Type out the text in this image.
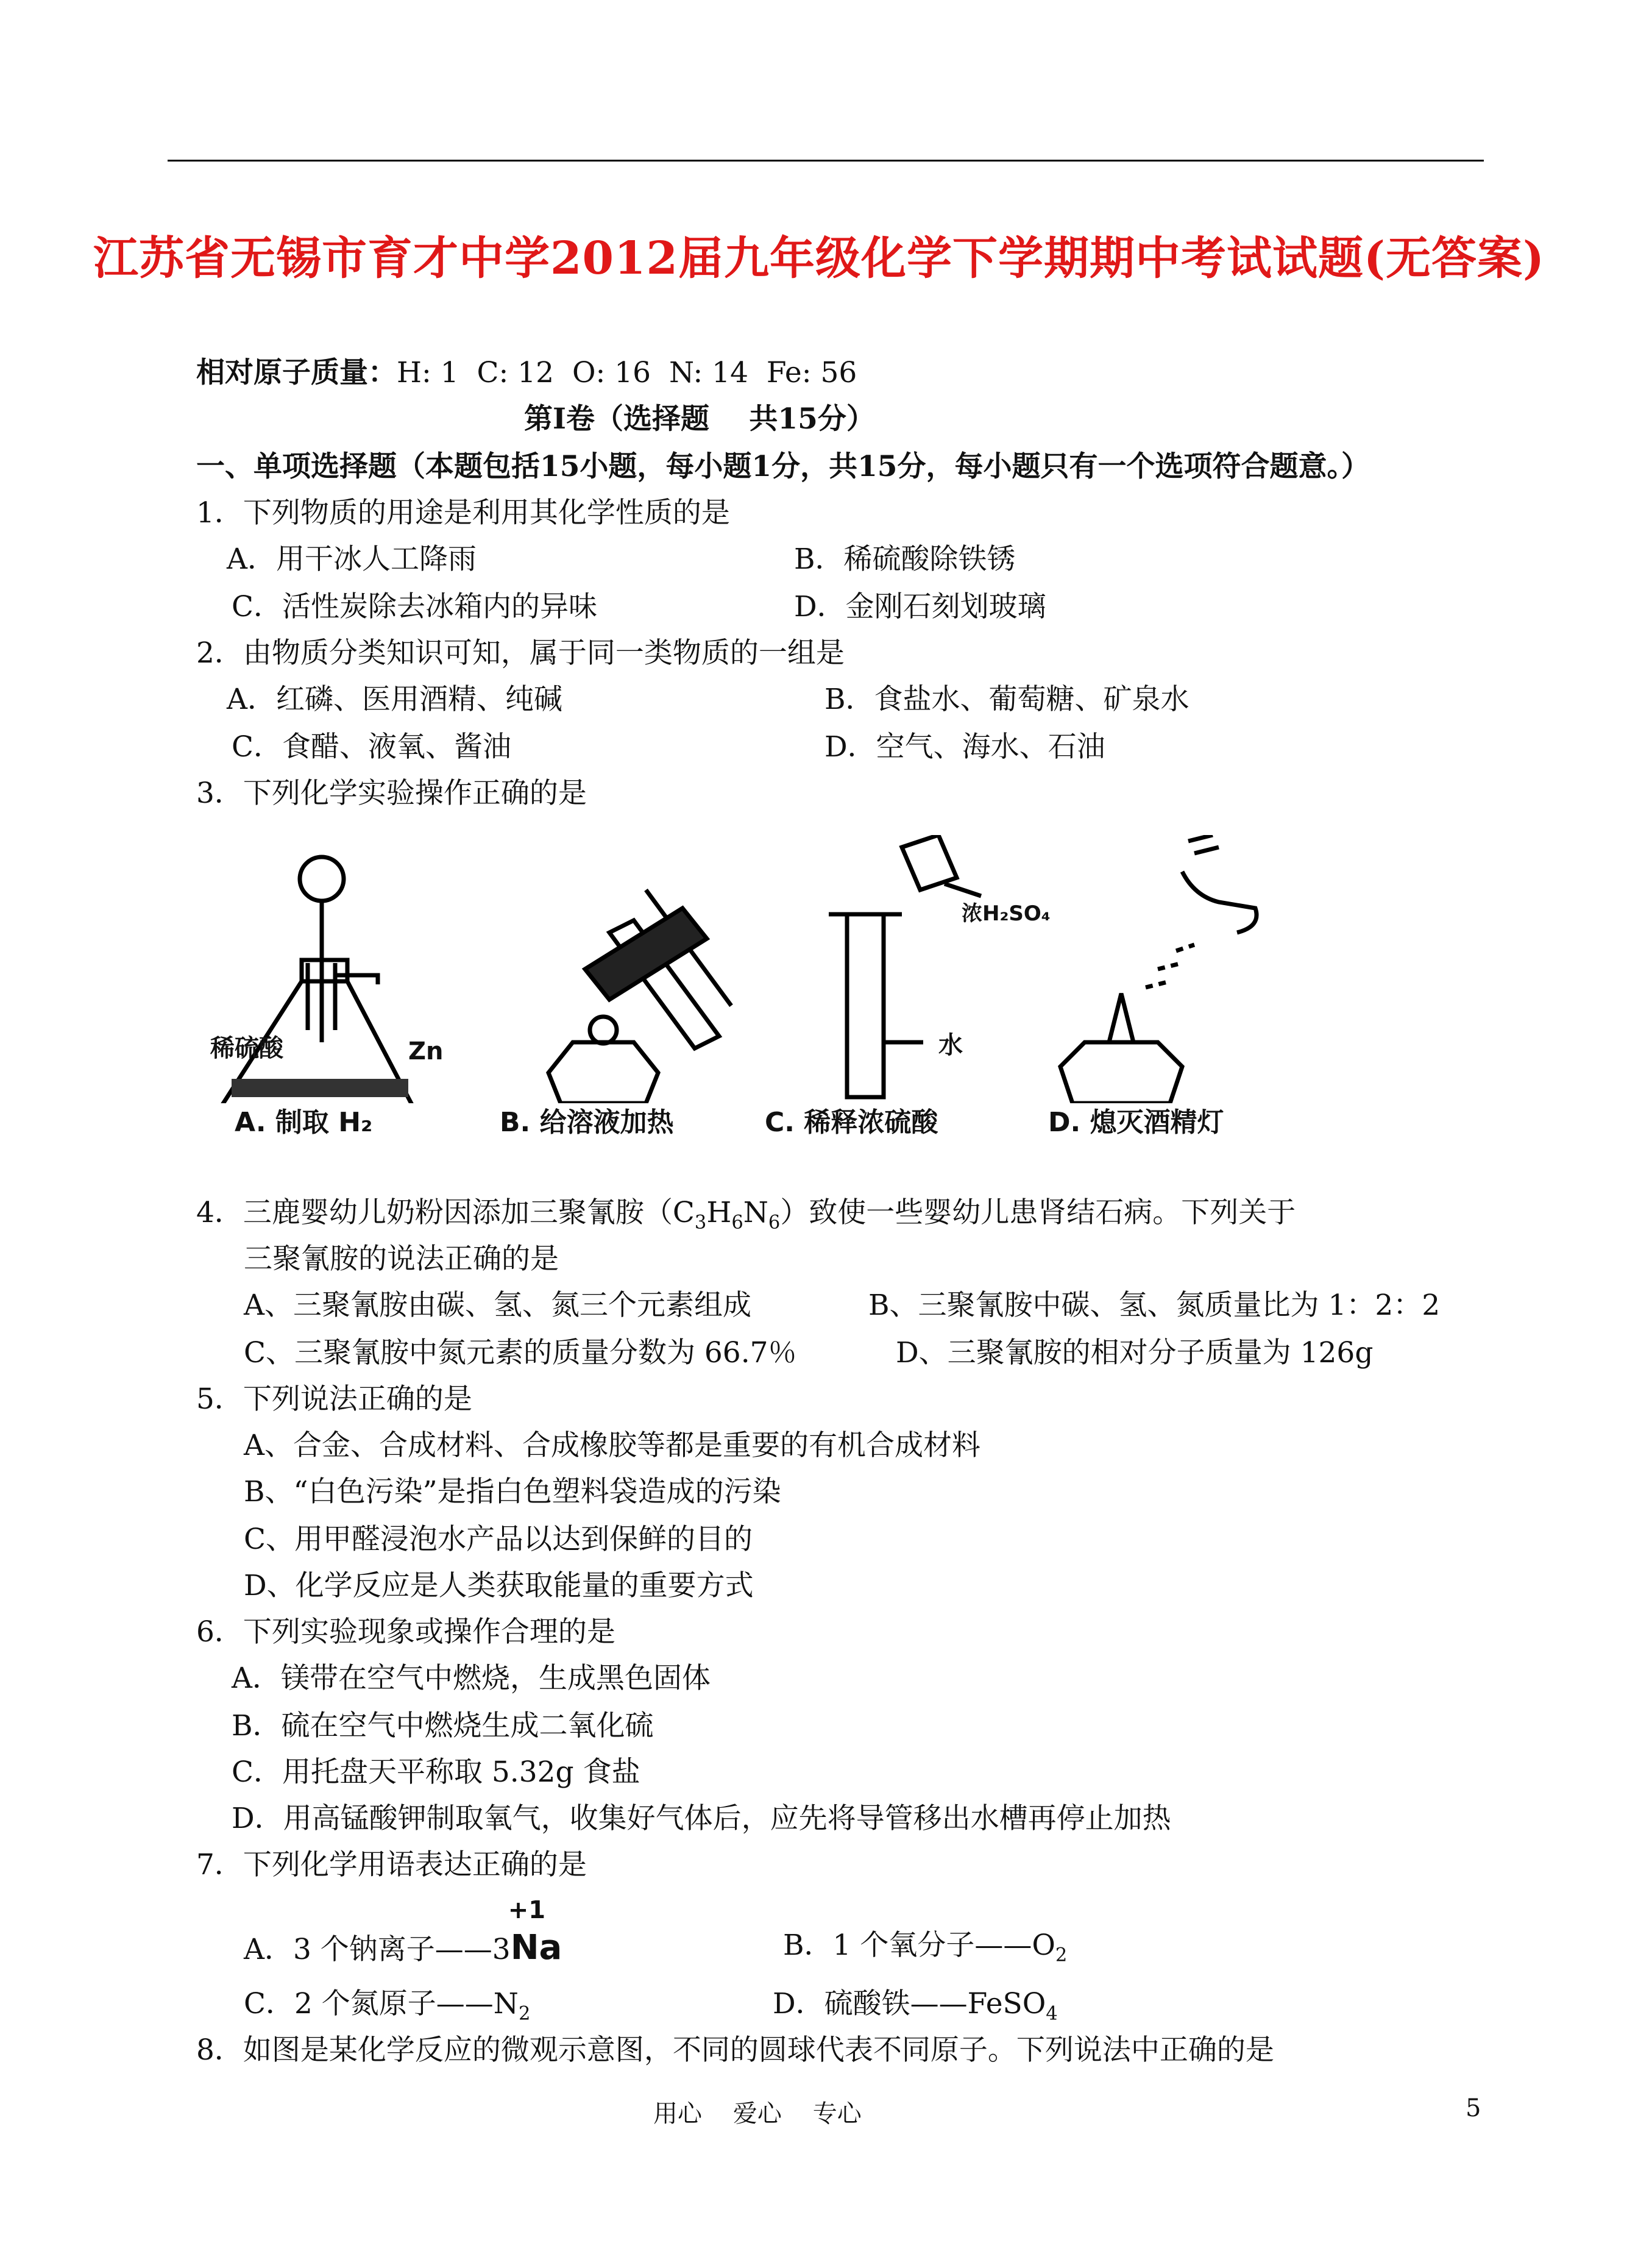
江苏省无锡市育才中学2012届九年级化学下学期期中考试试题(无答案)
相对原子质量：H: 1  C: 12  O: 16  N: 14  Fe: 56
第Ⅰ卷（选择题    共15分）
一、单项选择题（本题包括15小题，每小题1分，共15分，每小题只有一个选项符合题意。）
1．下列物质的用途是利用其化学性质的是
A．用干冰人工降雨	B．稀硫酸除铁锈
C．活性炭除去冰箱内的异味	D．金刚石刻划玻璃
2．由物质分类知识可知，属于同一类物质的一组是
A．红磷、医用酒精、纯碱	B．食盐水、葡萄糖、矿泉水
C．食醋、液氧、酱油	D．空气、海水、石油
3．下列化学实验操作正确的是
稀硫酸	Zn
浓H₂SO₄
水
A. 制取 H₂	B. 给溶液加热	C. 稀释浓硫酸	D. 熄灭酒精灯
4．三鹿婴幼儿奶粉因添加三聚氰胺$(C_3H_6N_6)$致使一些婴幼儿患肾结石病。下列关于
三聚氰胺的说法正确的是
A、三聚氰胺由碳、氢、氮三个元素组成	B、三聚氰胺中碳、氢、氮质量比为 1：2：2
C、三聚氰胺中氮元素的质量分数为 66.7％	D、三聚氰胺的相对分子质量为 126g
5．下列说法正确的是
A、合金、合成材料、合成橡胶等都是重要的有机合成材料
B、“白色污染”是指白色塑料袋造成的污染
C、用甲醛浸泡水产品以达到保鲜的目的
D、化学反应是人类获取能量的重要方式
6．下列实验现象或操作合理的是
A．镁带在空气中燃烧，生成黑色固体
B．硫在空气中燃烧生成二氧化硫
C．用托盘天平称取 5.32g 食盐
D．用高锰酸钾制取氧气，收集好气体后，应先将导管移出水槽再停止加热
7．下列化学用语表达正确的是
A．3 个钠离子——3
+1
Na	B．1 个氧分子$——O_2$
C．2 个氮原子$——N_2$	D．硫酸铁——FeSO$_4$
8．如图是某化学反应的微观示意图，不同的圆球代表不同原子。下列说法中正确的是
用心    爱心    专心	5
